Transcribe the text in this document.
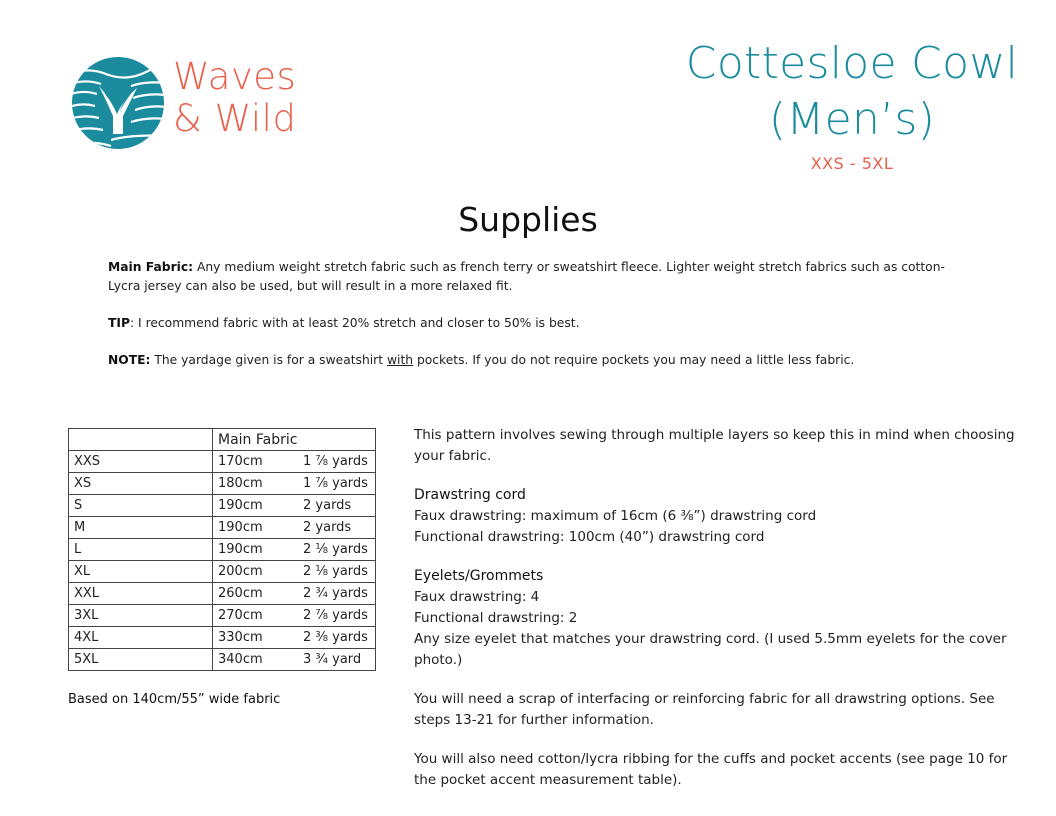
Waves
& Wild
Cottesloe Cowl
(Men’s)
XXS - 5XL
Supplies

Main Fabric: Any medium weight stretch fabric such as french terry or sweatshirt fleece. Lighter weight stretch fabrics such as cotton-Lycra jersey can also be used, but will result in a more relaxed fit.

TIP: I recommend fabric with at least 20% stretch and closer to 50% is best.

NOTE: The yardage given is for a sweatshirt with pockets. If you do not require pockets you may need a little less fabric.

	Main Fabric	
XXS	170cm	1 ⅞ yards
XS	180cm	1 ⅞ yards
S	190cm	2 yards
M	190cm	2 yards
L	190cm	2 ⅛ yards
XL	200cm	2 ⅛ yards
XXL	260cm	2 ¾ yards
3XL	270cm	2 ⅞ yards
4XL	330cm	2 ⅜ yards
5XL	340cm	3 ¾ yard
Based on 140cm/55” wide fabric

This pattern involves sewing through multiple layers so keep this in mind when choosing your fabric.

Drawstring cord
Faux drawstring: maximum of 16cm (6 ⅜”) drawstring cord
Functional drawstring: 100cm (40”) drawstring cord

Eyelets/Grommets
Faux drawstring: 4
Functional drawstring: 2
Any size eyelet that matches your drawstring cord. (I used 5.5mm eyelets for the cover photo.)

You will need a scrap of interfacing or reinforcing fabric for all drawstring options. See steps 13-21 for further information.

You will also need cotton/lycra ribbing for the cuffs and pocket accents (see page 10 for the pocket accent measurement table).
